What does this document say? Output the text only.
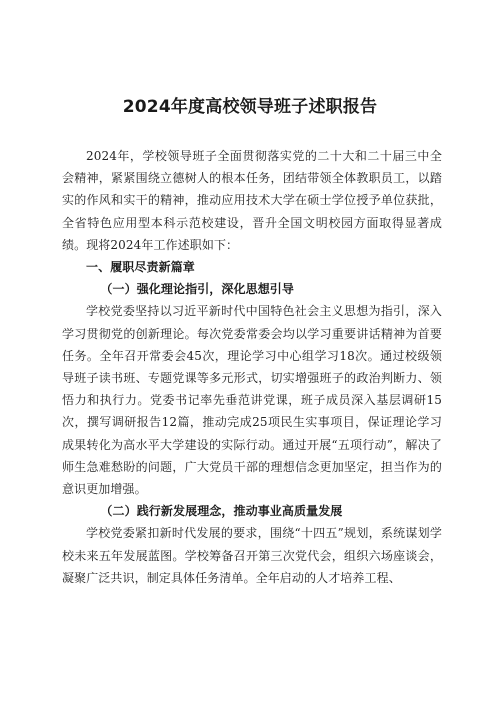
2024年度高校领导班子述职报告

2024年，学校领导班子全面贯彻落实党的二十大和二十届三中全会精神，紧紧围绕立德树人的根本任务，团结带领全体教职员工，以踏实的作风和实干的精神，推动应用技术大学在硕士学位授予单位获批，全省特色应用型本科示范校建设，晋升全国文明校园方面取得显著成绩。现将2024年工作述职如下：

一、履职尽责新篇章

（一）强化理论指引，深化思想引导

学校党委坚持以习近平新时代中国特色社会主义思想为指引，深入学习贯彻党的创新理论。每次党委常委会均以学习重要讲话精神为首要任务。全年召开常委会45次，理论学习中心组学习18次。通过校级领导班子读书班、专题党课等多元形式，切实增强班子的政治判断力、领悟力和执行力。党委书记率先垂范讲党课，班子成员深入基层调研15次，撰写调研报告12篇，推动完成25项民生实事项目，保证理论学习成果转化为高水平大学建设的实际行动。通过开展“五项行动”，解决了师生急难愁盼的问题，广大党员干部的理想信念更加坚定，担当作为的意识更加增强。

（二）践行新发展理念，推动事业高质量发展

学校党委紧扣新时代发展的要求，围绕“十四五”规划，系统谋划学校未来五年发展蓝图。学校筹备召开第三次党代会，组织六场座谈会，凝聚广泛共识，制定具体任务清单。全年启动的人才培养工程、
